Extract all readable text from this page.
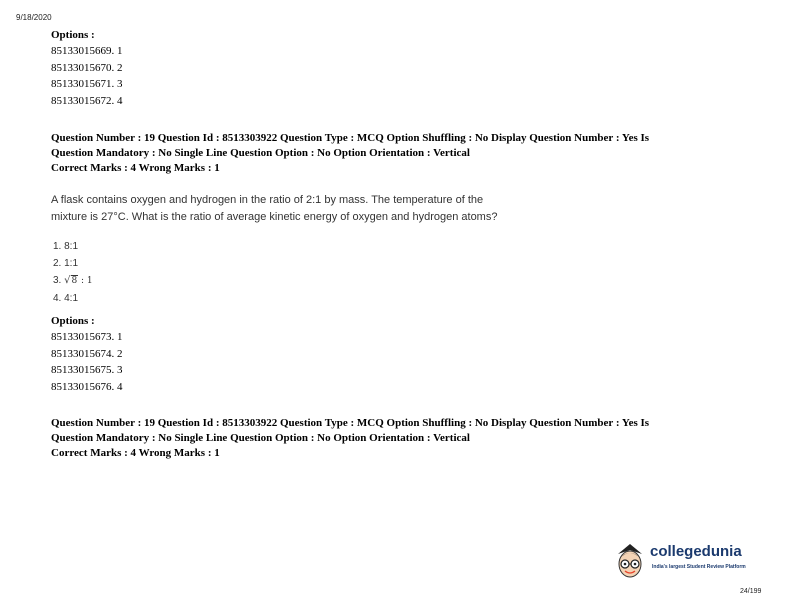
9/18/2020
Options :
85133015669. 1
85133015670. 2
85133015671. 3
85133015672. 4
Question Number : 19 Question Id : 8513303922 Question Type : MCQ Option Shuffling : No Display Question Number : Yes Is
Question Mandatory : No Single Line Question Option : No Option Orientation : Vertical
Correct Marks : 4 Wrong Marks : 1
A flask contains oxygen and hydrogen in the ratio of 2:1 by mass. The temperature of the
mixture is 27°C. What is the ratio of average kinetic energy of oxygen and hydrogen atoms?
1. 8:1
2. 1:1
3. √8 : 1
4. 4:1
Options :
85133015673. 1
85133015674. 2
85133015675. 3
85133015676. 4
Question Number : 19 Question Id : 8513303922 Question Type : MCQ Option Shuffling : No Display Question Number : Yes Is
Question Mandatory : No Single Line Question Option : No Option Orientation : Vertical
Correct Marks : 4 Wrong Marks : 1
collegedunia
India's largest Student Review Platform
24/199
